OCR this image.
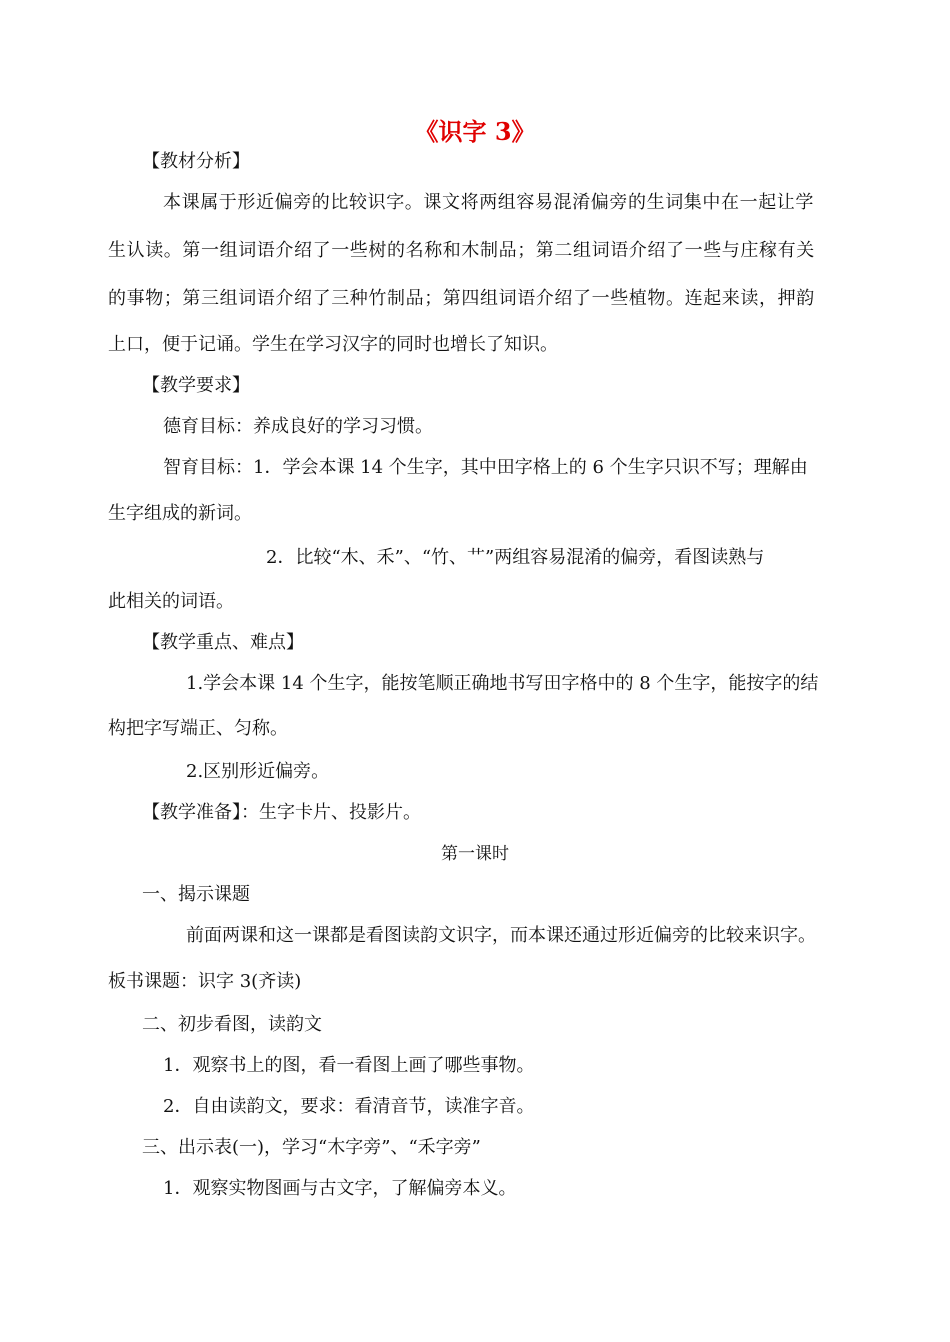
《识字 3》
【教材分析】
本课属于形近偏旁的比较识字。课文将两组容易混淆偏旁的生词集中在一起让学
生认读。第一组词语介绍了一些树的名称和木制品；第二组词语介绍了一些与庄稼有关
的事物；第三组词语介绍了三种竹制品；第四组词语介绍了一些植物。连起来读，押韵
上口，便于记诵。学生在学习汉字的同时也增长了知识。
【教学要求】
德育目标：养成良好的学习习惯。
智育目标：1．学会本课 14 个生字，其中田字格上的 6 个生字只识不写；理解由
生字组成的新词。
2．比较“木、禾”、“竹、艹”两组容易混淆的偏旁，看图读熟与
此相关的词语。
【教学重点、难点】
1.学会本课 14 个生字，能按笔顺正确地书写田字格中的 8 个生字，能按字的结
构把字写端正、匀称。
2.区别形近偏旁。
【教学准备】：生字卡片、投影片。
第一课时
一、揭示课题
前面两课和这一课都是看图读韵文识字，而本课还通过形近偏旁的比较来识字。
板书课题：识字 3(齐读)
二、初步看图，读韵文
1．观察书上的图，看一看图上画了哪些事物。
2．自由读韵文，要求：看清音节，读准字音。
三、出示表(一)，学习“木字旁”、“禾字旁”
1．观察实物图画与古文字，了解偏旁本义。
